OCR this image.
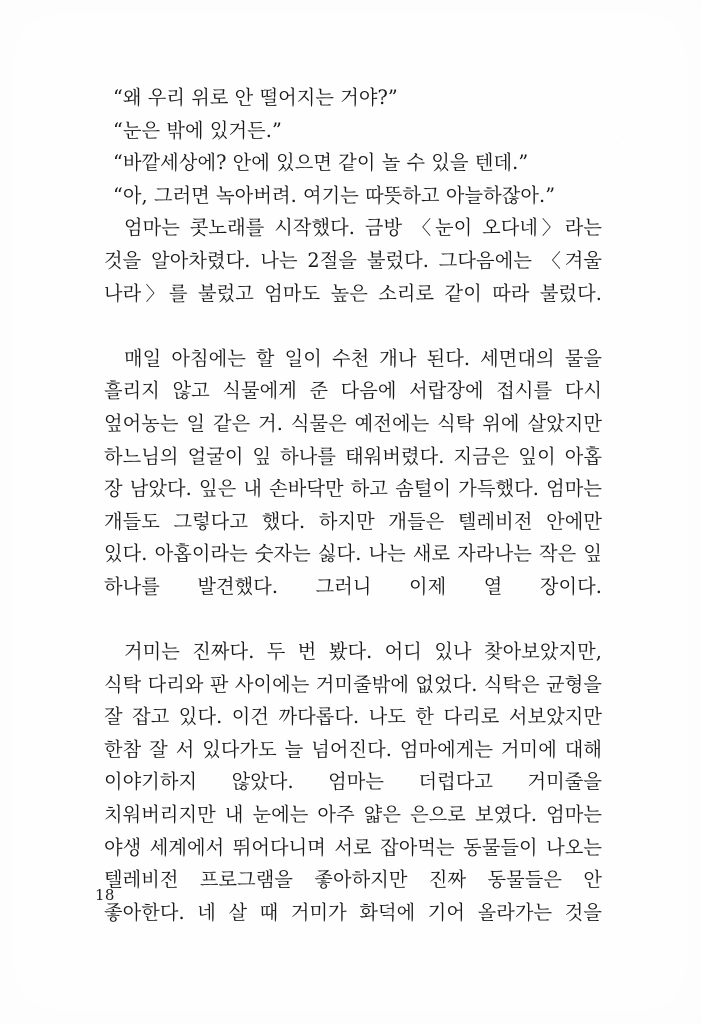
“왜 우리 위로 안 떨어지는 거야?”

“눈은 밖에 있거든.”

“바깥세상에? 안에 있으면 같이 놀 수 있을 텐데.”

“아, 그러면 녹아버려. 여기는 따뜻하고 아늘하잖아.”

엄마는 콧노래를 시작했다. 금방 〈눈이 오다네〉라는 것을 알아차렸다. 나는 2절을 불렀다. 그다음에는 〈겨울 나라〉를 불렀고 엄마도 높은 소리로 같이 따라 불렀다.

매일 아침에는 할 일이 수천 개나 된다. 세면대의 물을 흘리지 않고 식물에게 준 다음에 서랍장에 접시를 다시 엎어농는 일 같은 거. 식물은 예전에는 식탁 위에 살았지만 하느님의 얼굴이 잎 하나를 태워버렸다. 지금은 잎이 아홉 장 남았다. 잎은 내 손바닥만 하고 솜털이 가득했다. 엄마는 개들도 그렇다고 했다. 하지만 개들은 텔레비전 안에만 있다. 아홉이라는 숫자는 싫다. 나는 새로 자라나는 작은 잎 하나를 발견했다. 그러니 이제 열 장이다.

거미는 진짜다. 두 번 봤다. 어디 있나 찾아보았지만, 식탁 다리와 판 사이에는 거미줄밖에 없었다. 식탁은 균형을 잘 잡고 있다. 이건 까다롭다. 나도 한 다리로 서보았지만 한참 잘 서 있다가도 늘 넘어진다. 엄마에게는 거미에 대해 이야기하지 않았다. 엄마는 더럽다고 거미줄을 치워버리지만 내 눈에는 아주 얇은 은으로 보였다. 엄마는 야생 세계에서 뛰어다니며 서로 잡아먹는 동물들이 나오는 텔레비전 프로그램을 좋아하지만 진짜 동물들은 안 좋아한다. 네 살 때 거미가 화덕에 기어 올라가는 것을

18
